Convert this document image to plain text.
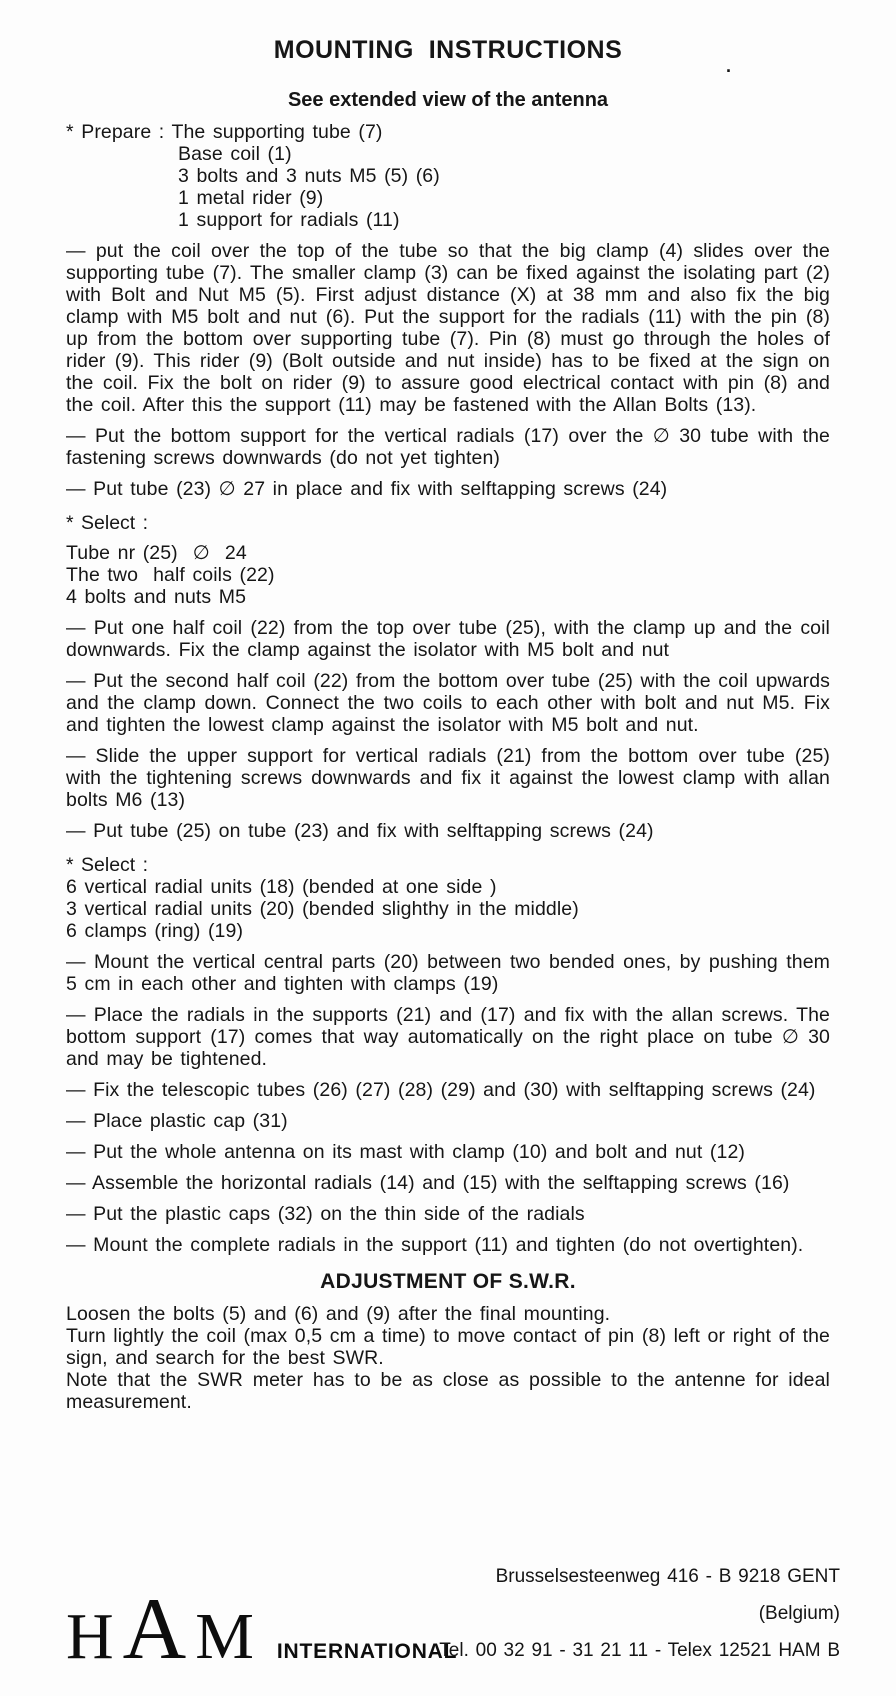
.
MOUNTING  INSTRUCTIONS
See extended view of the antenna

* Prepare : The supporting tube (7)

Base coil (1)

3 bolts and 3 nuts M5 (5) (6)

1 metal rider (9)

1 support for radials (11)

— put the coil over the top of the tube so that the big clamp (4) slides over the supporting tube (7). The smaller clamp (3) can be fixed against the isolating part (2) with Bolt and Nut M5 (5). First adjust distance (X) at 38 mm and also fix the big clamp with M5 bolt and nut (6). Put the support for the radials (11) with the pin (8) up from the bottom over supporting tube (7). Pin (8) must go through the holes of rider (9). This rider (9) (Bolt outside and nut inside) has to be fixed at the sign on the coil. Fix the bolt on rider (9) to assure good electrical contact with pin (8) and the coil. After this the support (11) may be fastened with the Allan Bolts (13).

— Put the bottom support for the vertical radials (17) over the ∅ 30 tube with the fastening screws downwards (do not yet tighten)

— Put tube (23) ∅ 27 in place and fix with selftapping screws (24)

* Select :

Tube nr (25)  ∅  24

The two  half coils (22)

4 bolts and nuts M5

— Put one half coil (22) from the top over tube (25), with the clamp up and the coil downwards. Fix the clamp against the isolator with M5 bolt and nut

— Put the second half coil (22) from the bottom over tube (25) with the coil upwards and the clamp down. Connect the two coils to each other with bolt and nut M5. Fix and tighten the lowest clamp against the isolator with M5 bolt and nut.

— Slide the upper support for vertical radials (21) from the bottom over tube (25) with the tightening screws downwards and fix it against the lowest clamp with allan bolts M6 (13)

— Put tube (25) on tube (23) and fix with selftapping screws (24)

* Select :

6 vertical radial units (18) (bended at one side )

3 vertical radial units (20) (bended slighthy in the middle)

6 clamps (ring) (19)

— Mount the vertical central parts (20) between two bended ones, by pushing them 5 cm in each other and tighten with clamps (19)

— Place the radials in the supports (21) and (17) and fix with the allan screws. The bottom support (17) comes that way automatically on the right place on tube ∅ 30 and may be tightened.

— Fix the telescopic tubes (26) (27) (28) (29) and (30) with selftapping screws (24)

— Place plastic cap (31)

— Put the whole antenna on its mast with clamp (10) and bolt and nut (12)

— Assemble the horizontal radials (14) and (15) with the selftapping screws (16)

— Put the plastic caps (32) on the thin side of the radials

— Mount the complete radials in the support (11) and tighten (do not overtighten).

ADJUSTMENT OF S.W.R.

Loosen the bolts (5) and (6) and (9) after the final mounting.

Turn lightly the coil (max 0,5 cm a time) to move contact of pin (8) left or right of the sign, and search for the best SWR.

Note that the SWR meter has to be as close as possible to the antenne for ideal measurement.

H A M INTERNATIONAL
Brusselsesteenweg 416 - B 9218 GENT
(Belgium)
Tel. 00 32 91 - 31 21 11 - Telex 12521 HAM B
